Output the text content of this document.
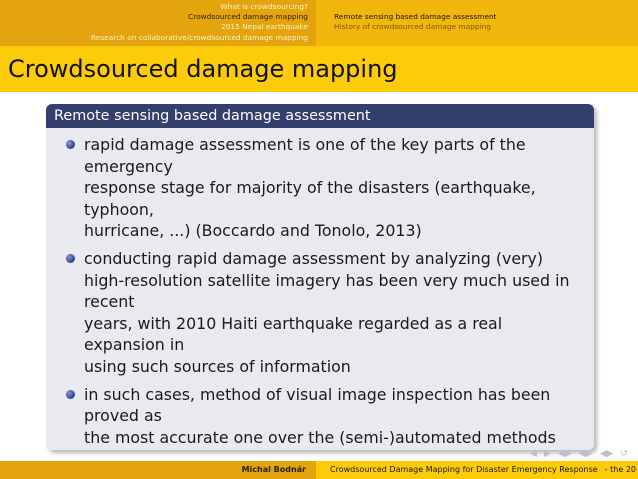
What is crowdsourcing?
Crowdsourced damage mapping
2015 Nepal earthquake
Research on collaborative/crowdsourced damage mapping
Remote sensing based damage assessment
History of crowdsourced damage mapping
Crowdsourced damage mapping
Remote sensing based damage assessment
rapid damage assessment is one of the key parts of the emergency
response stage for majority of the disasters (earthquake, typhoon,
hurricane, ...) (Boccardo and Tonolo, 2013)
conducting rapid damage assessment by analyzing (very)
high-resolution satellite imagery has been very much used in recent
years, with 2010 Haiti earthquake regarded as a real expansion in
using such sources of information
in such cases, method of visual image inspection has been proved as
the most accurate one over the (semi-)automated methods

◀ ▶ ◀▶ ◀▶ ◀▶ ↺
Michal Bodnár	Crowdsourced Damage Mapping for Disaster Emergency Response - the 20
